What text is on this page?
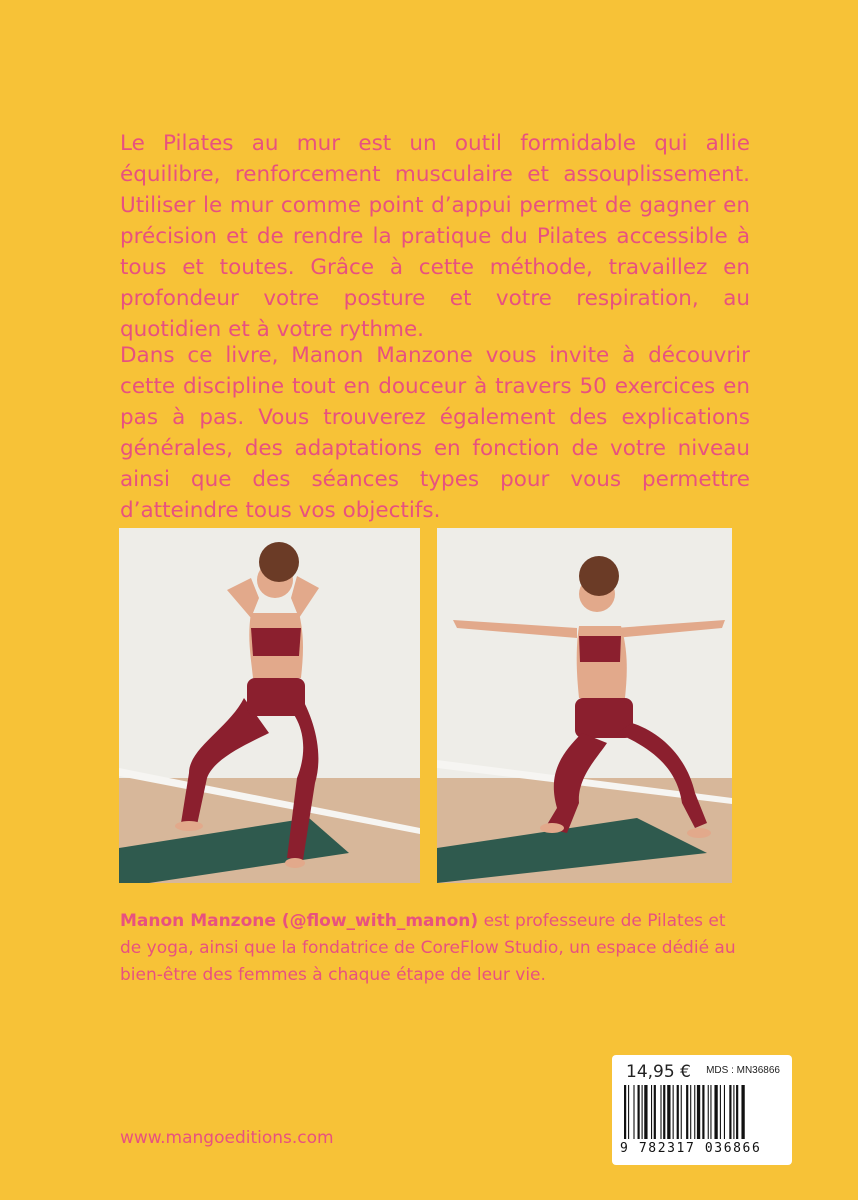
Le Pilates au mur est un outil formidable qui allie équilibre, renforcement musculaire et assouplissement. Utiliser le mur comme point d’appui permet de gagner en précision et de rendre la pratique du Pilates accessible à tous et toutes. Grâce à cette méthode, travaillez en profondeur votre posture et votre respiration, au quotidien et à votre rythme.

Dans ce livre, Manon Manzone vous invite à découvrir cette discipline tout en douceur à travers 50 exercices en pas à pas. Vous trouverez également des explications générales, des adaptations en fonction de votre niveau ainsi que des séances types pour vous permettre d’atteindre tous vos objectifs.

Manon Manzone (@flow_with_manon) est professeure de Pilates et de yoga, ainsi que la fondatrice de CoreFlow Studio, un espace dédié au bien-être des femmes à chaque étape de leur vie.

www.mangoeditions.com

14,95 € MDS : MN36866
9 782317 036866
